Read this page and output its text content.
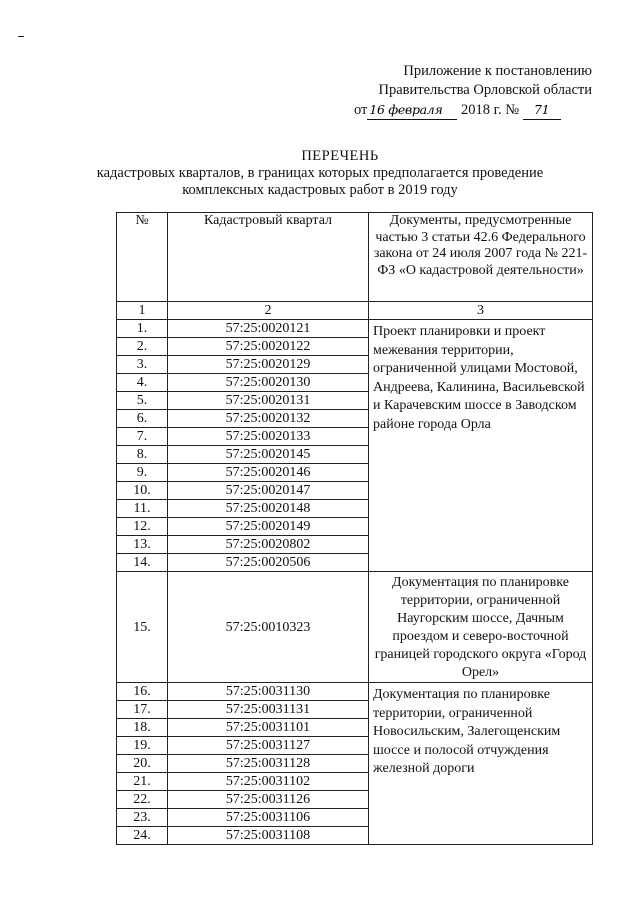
Приложение к постановлению
Правительства Орловской области
от 16 февраля 2018 г. № 71
ПЕРЕЧЕНЬ
кадастровых кварталов, в границах которых предполагается проведение
комплексных кадастровых работ в 2019 году
№	Кадастровый квартал	Документы, предусмотренные частью 3 статьи 42.6 Федерального закона от 24 июля 2007 года № 221-ФЗ «О кадастровой деятельности»
1	2	3
1.	57:25:0020121	Проект планировки и проект межевания территории, ограниченной улицами Мостовой, Андреева, Калинина, Васильевской и Карачевским шоссе в Заводском районе города Орла
2.	57:25:0020122	
3.	57:25:0020129	
4.	57:25:0020130	
5.	57:25:0020131	
6.	57:25:0020132	
7.	57:25:0020133	
8.	57:25:0020145	
9.	57:25:0020146	
10.	57:25:0020147	
11.	57:25:0020148	
12.	57:25:0020149	
13.	57:25:0020802	
14.	57:25:0020506	
15.	57:25:0010323	Документация по планировке территории, ограниченной Наугорским шоссе, Дачным проездом и северо-восточной границей городского округа «Город Орел»
16.	57:25:0031130	Документация по планировке территории, ограниченной Новосильским, Залегощенским шоссе и полосой отчуждения железной дороги
17.	57:25:0031131	
18.	57:25:0031101	
19.	57:25:0031127	
20.	57:25:0031128	
21.	57:25:0031102	
22.	57:25:0031126	
23.	57:25:0031106	
24.	57:25:0031108	
